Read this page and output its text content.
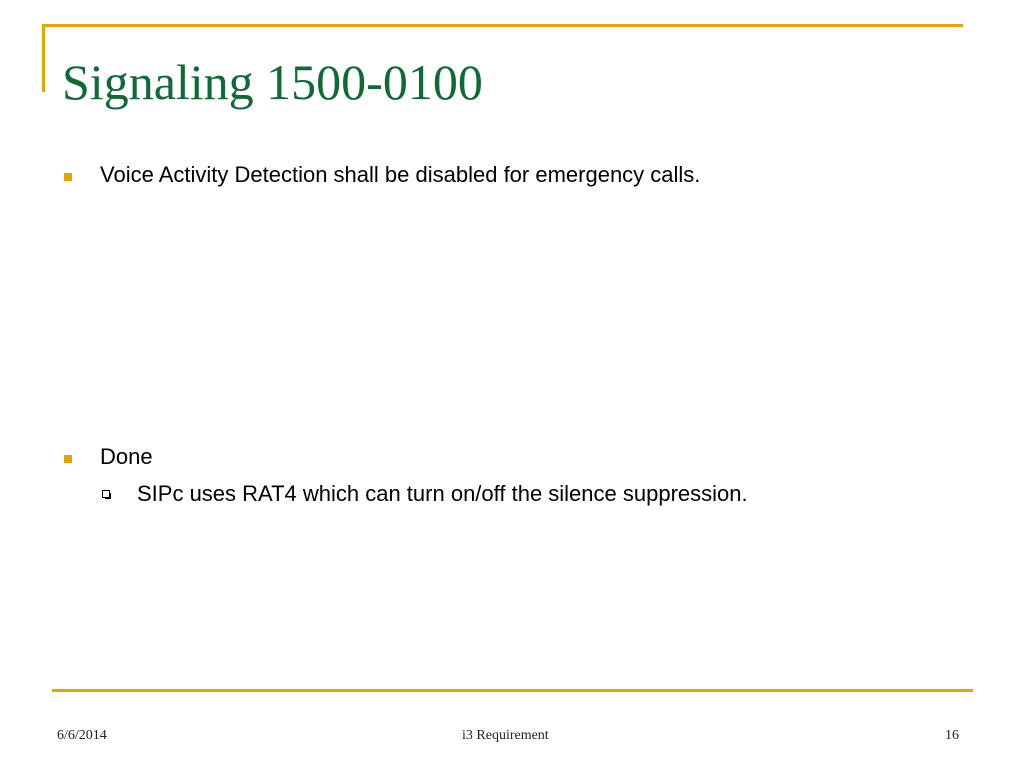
Signaling 1500-0100
Voice Activity Detection shall be disabled for emergency calls.
Done
SIPc uses RAT4 which can turn on/off the silence suppression.
6/6/2014	i3 Requirement	16
